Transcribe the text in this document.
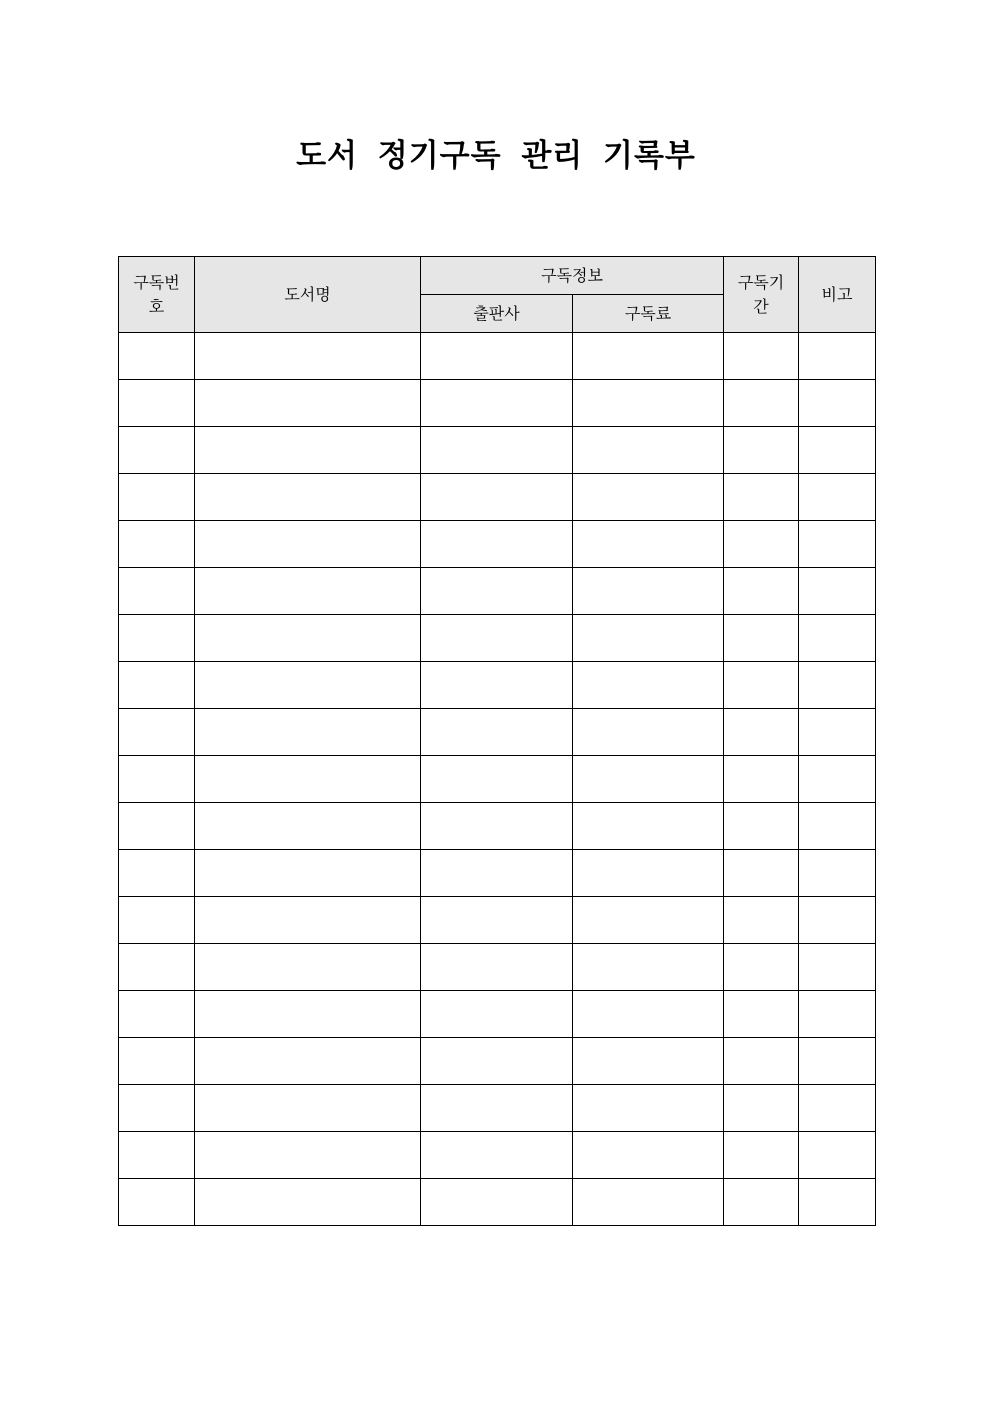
도서 정기구독 관리 기록부
구독번호	도서명	구독정보		구독기간	비고
		출판사	구독료		
